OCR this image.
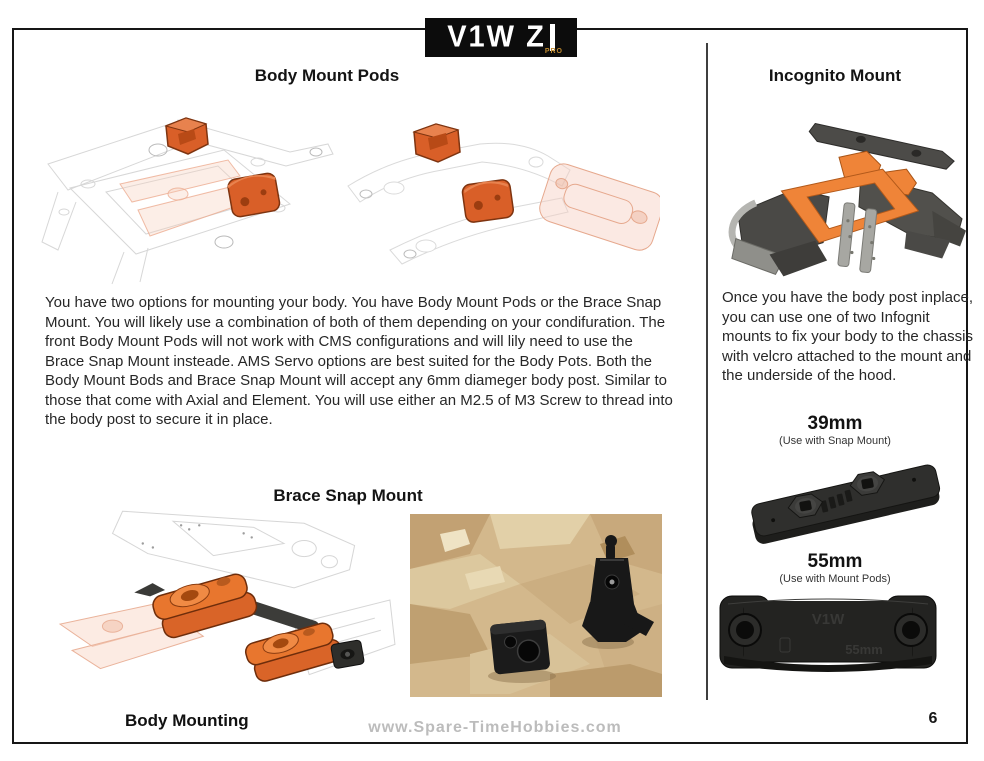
V1W Z PRO
Body Mount Pods
You have two options for mounting your body. You have Body Mount Pods or the Brace Snap Mount. You will likely use a combination of both of them depending on your condifuration. The front Body Mount Pods will not work with CMS configurations and will lily need to use the Brace Snap Mount insteade. AMS Servo options are best suited for the Body Pots. Both the Body Mount Bods and Brace Snap Mount will accept any 6mm diameger body post. Similar to those that come with Axial and Element. You will use either an M2.5 of M3 Screw to thread into the body post to secure it in place.
Brace Snap Mount
Body Mounting
Incognito Mount
Once you have the body post inplace, you can use one of two Infognit mounts to fix your body to the chassis with velcro attached to the mount and the underside of the hood.
39mm
(Use with Snap Mount)
55mm
(Use with Mount Pods)
V1W
55mm
www.Spare-TimeHobbies.com
6
